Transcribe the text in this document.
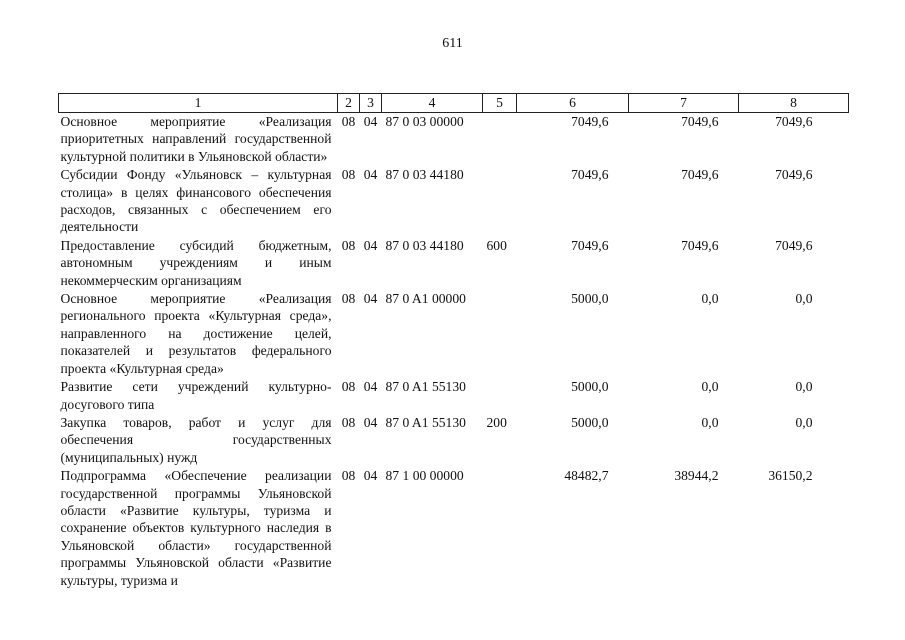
611
1	2	3	4	5	6	7	8
Основное мероприятие «Реализация приоритетных направлений государственной культурной политики в Ульяновской области»	08	04	87 0 03 00000		7049,6	7049,6	7049,6
Субсидии Фонду «Ульяновск – культурная столица» в целях финансового обеспечения расходов, связанных с обеспечением его деятельности	08	04	87 0 03 44180		7049,6	7049,6	7049,6
Предоставление субсидий бюджетным, автономным учреждениям и иным некоммерческим организациям	08	04	87 0 03 44180	600	7049,6	7049,6	7049,6
Основное мероприятие «Реализация регионального проекта «Культурная среда», направленного на достижение целей, показателей и результатов федерального проекта «Культурная среда»	08	04	87 0 A1 00000		5000,0	0,0	0,0
Развитие сети учреждений культурно-досугового типа	08	04	87 0 A1 55130		5000,0	0,0	0,0
Закупка товаров, работ и услуг для обеспечения государственных (муниципальных) нужд	08	04	87 0 A1 55130	200	5000,0	0,0	0,0
Подпрограмма «Обеспечение реализации государственной программы Ульяновской области «Развитие культуры, туризма и сохранение объектов культурного наследия в Ульяновской области» государственной программы Ульяновской области «Развитие культуры, туризма и	08	04	87 1 00 00000		48482,7	38944,2	36150,2
